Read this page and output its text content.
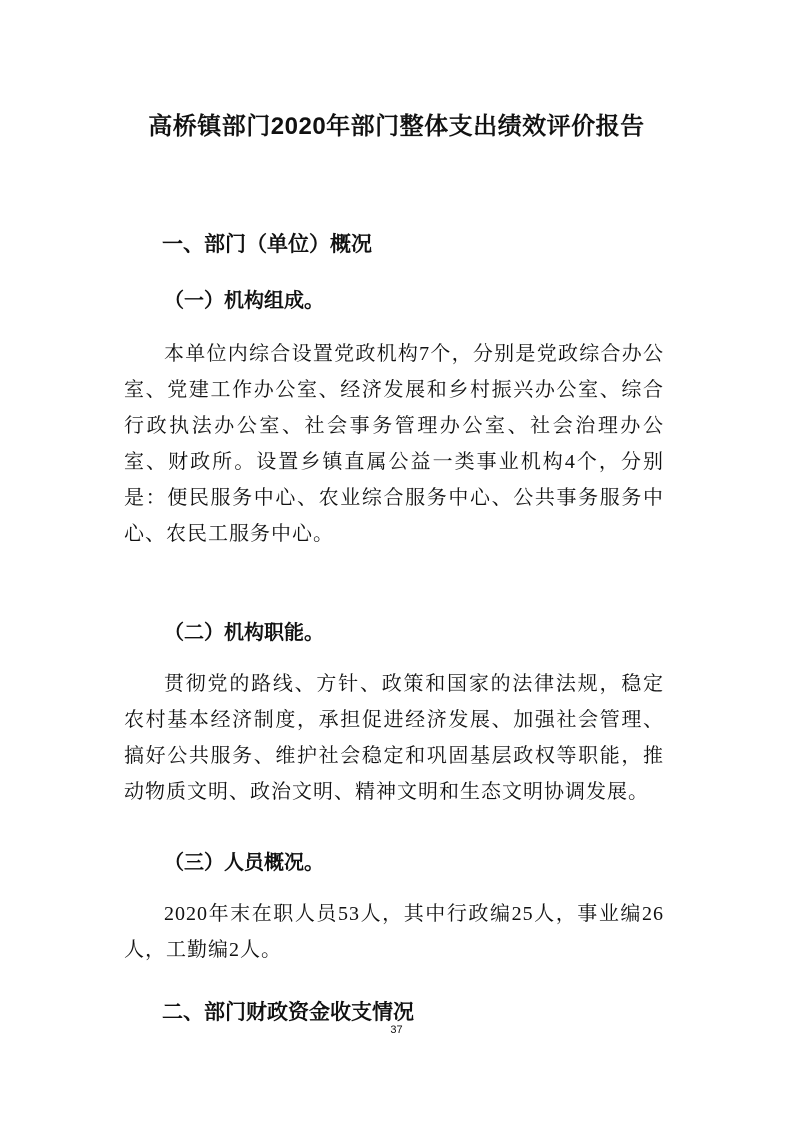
高桥镇部门2020年部门整体支出绩效评价报告
一、部门（单位）概况
（一）机构组成。

本单位内综合设置党政机构7个，分别是党政综合办公室、党建工作办公室、经济发展和乡村振兴办公室、综合行政执法办公室、社会事务管理办公室、社会治理办公室、财政所。设置乡镇直属公益一类事业机构4个，分别是：便民服务中心、农业综合服务中心、公共事务服务中心、农民工服务中心。

（二）机构职能。

贯彻党的路线、方针、政策和国家的法律法规，稳定农村基本经济制度，承担促进经济发展、加强社会管理、搞好公共服务、维护社会稳定和巩固基层政权等职能，推动物质文明、政治文明、精神文明和生态文明协调发展。

（三）人员概况。

2020年末在职人员53人，其中行政编25人，事业编26人，工勤编2人。

二、部门财政资金收支情况
37
